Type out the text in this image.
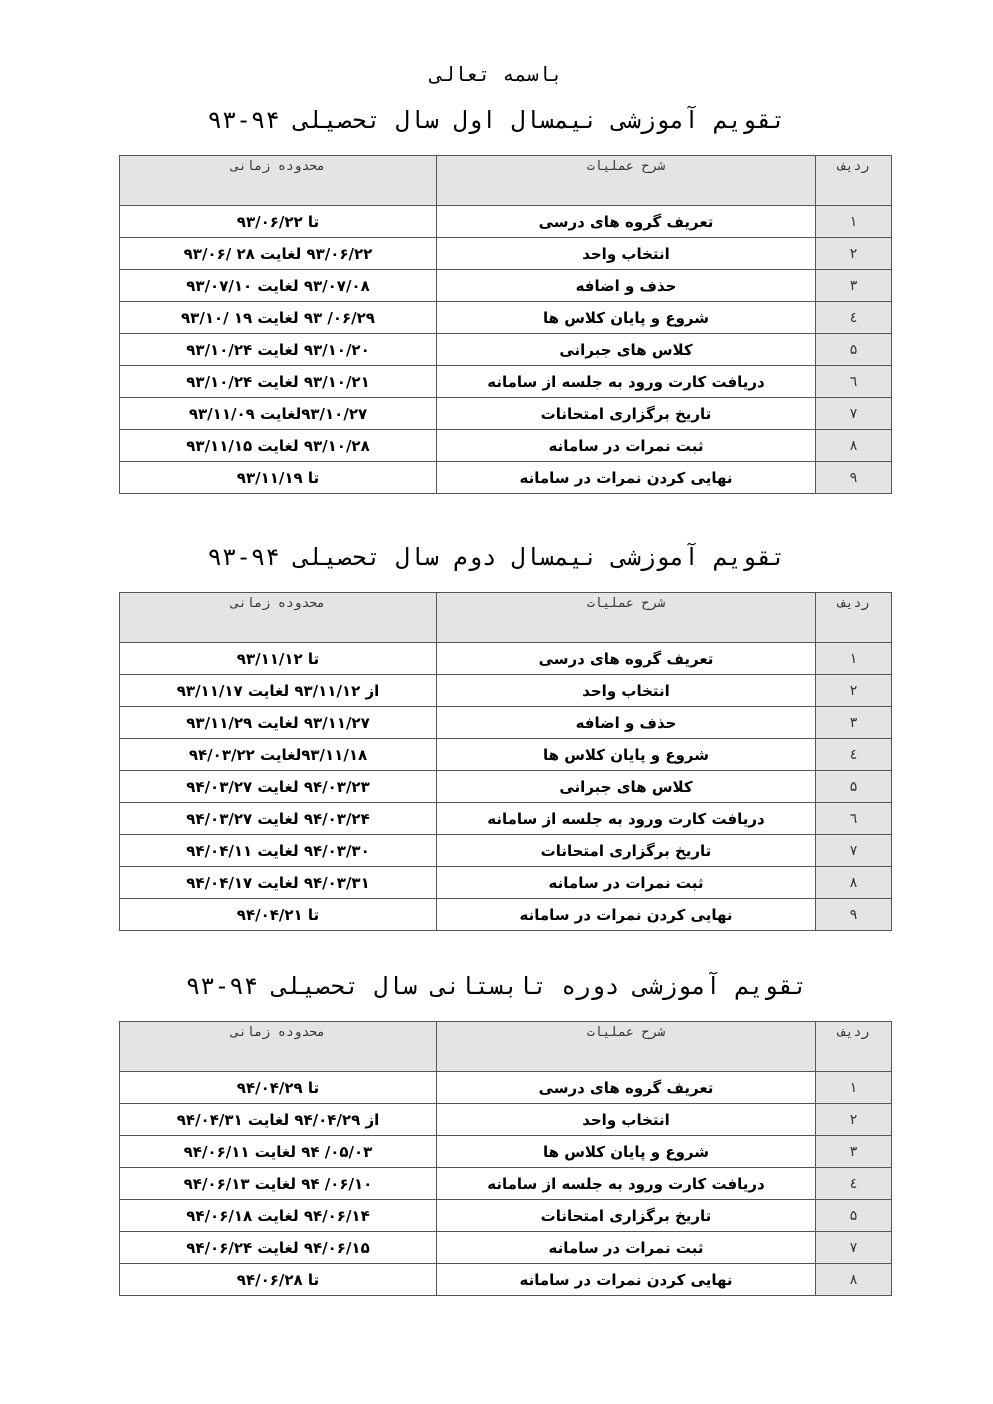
باسمه تعالی
تقویم آموزشی نیمسال اول سال تحصیلی ۹۴-۹۳
ردیف	شرح عملیات	محدوده زمانی
۱	تعریف گروه های درسی	تا ۹۳/۰۶/۲۲
۲	انتخاب واحد	۹۳/۰۶/۲۲ لغایت ۲۸ /۹۳/۰۶
۳	حذف و اضافه	۹۳/۰۷/۰۸ لغایت ۹۳/۰۷/۱۰
٤	شروع و پایان کلاس ها	۰۶/۲۹/ ۹۳ لغایت ۱۹ /۹۳/۱۰
۵	کلاس های جبرانی	۹۳/۱۰/۲۰ لغایت ۹۳/۱۰/۲۴
٦	دریافت کارت ورود به جلسه از سامانه	۹۳/۱۰/۲۱ لغایت ۹۳/۱۰/۲۴
۷	تاریخ برگزاری امتحانات	۹۳/۱۰/۲۷لغایت ۹۳/۱۱/۰۹
۸	ثبت نمرات در سامانه	۹۳/۱۰/۲۸ لغایت ۹۳/۱۱/۱۵
۹	نهایی کردن نمرات در سامانه	تا ۹۳/۱۱/۱۹
تقویم آموزشی نیمسال دوم سال تحصیلی ۹۴-۹۳
ردیف	شرح عملیات	محدوده زمانی
۱	تعریف گروه های درسی	تا ۹۳/۱۱/۱۲
۲	انتخاب واحد	از ۹۳/۱۱/۱۲ لغایت ۹۳/۱۱/۱۷
۳	حذف و اضافه	۹۳/۱۱/۲۷ لغایت ۹۳/۱۱/۲۹
٤	شروع و پایان کلاس ها	۹۳/۱۱/۱۸لغایت ۹۴/۰۳/۲۲
۵	کلاس های جبرانی	۹۴/۰۳/۲۳ لغایت ۹۴/۰۳/۲۷
٦	دریافت کارت ورود به جلسه از سامانه	۹۴/۰۳/۲۴ لغایت ۹۴/۰۳/۲۷
۷	تاریخ برگزاری امتحانات	۹۴/۰۳/۳۰ لغایت ۹۴/۰۴/۱۱
۸	ثبت نمرات در سامانه	۹۴/۰۳/۳۱ لغایت ۹۴/۰۴/۱۷
۹	نهایی کردن نمرات در سامانه	تا ۹۴/۰۴/۲۱
تقویم آموزشی دوره تابستانی سال تحصیلی ۹۴-۹۳
ردیف	شرح عملیات	محدوده زمانی
۱	تعریف گروه های درسی	تا ۹۴/۰۴/۲۹
۲	انتخاب واحد	از ۹۴/۰۴/۲۹ لغایت ۹۴/۰۴/۳۱
۳	شروع و پایان کلاس ها	۰۵/۰۳/ ۹۴ لغایت ۹۴/۰۶/۱۱
٤	دریافت کارت ورود به جلسه از سامانه	۰۶/۱۰/ ۹۴ لغایت ۹۴/۰۶/۱۳
۵	تاریخ برگزاری امتحانات	۹۴/۰۶/۱۴ لغایت ۹۴/۰۶/۱۸
۷	ثبت نمرات در سامانه	۹۴/۰۶/۱۵ لغایت ۹۴/۰۶/۲۴
۸	نهایی کردن نمرات در سامانه	تا ۹۴/۰۶/۲۸
